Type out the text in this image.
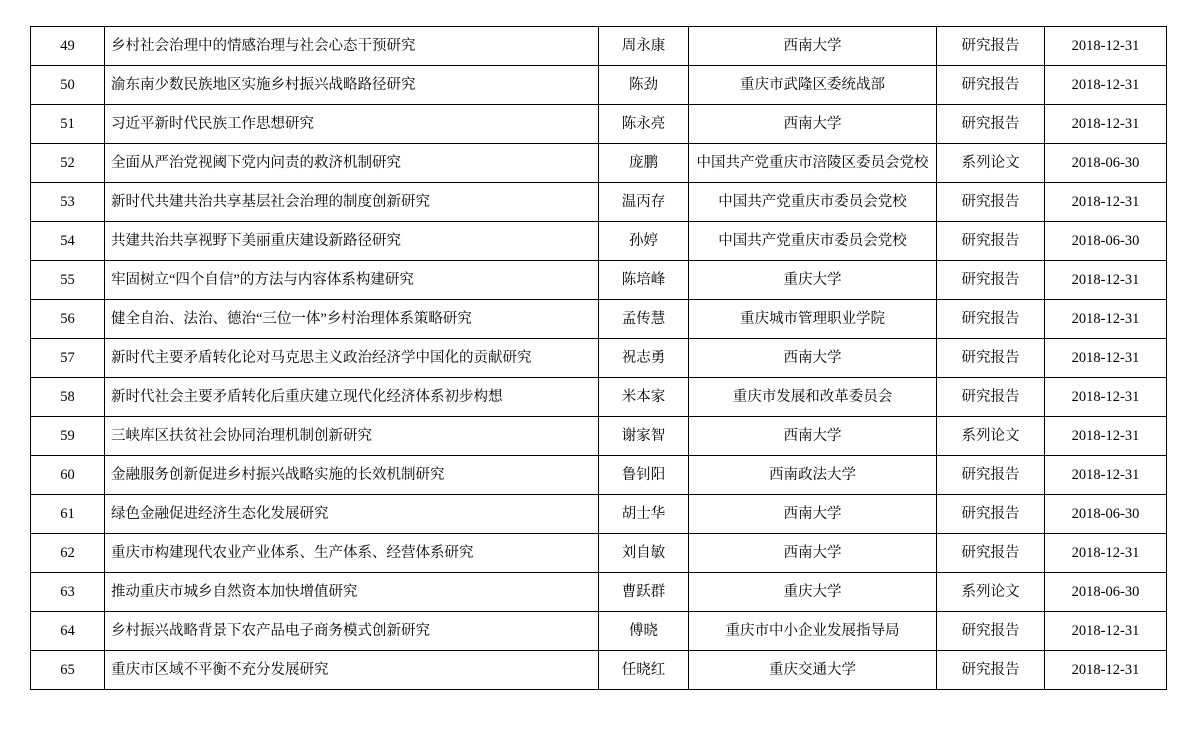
49	乡村社会治理中的情感治理与社会心态干预研究	周永康	西南大学	研究报告	2018-12-31
50	渝东南少数民族地区实施乡村振兴战略路径研究	陈劲	重庆市武隆区委统战部	研究报告	2018-12-31
51	习近平新时代民族工作思想研究	陈永亮	西南大学	研究报告	2018-12-31
52	全面从严治党视阈下党内问责的救济机制研究	庞鹏	中国共产党重庆市涪陵区委员会党校	系列论文	2018-06-30
53	新时代共建共治共享基层社会治理的制度创新研究	温丙存	中国共产党重庆市委员会党校	研究报告	2018-12-31
54	共建共治共享视野下美丽重庆建设新路径研究	孙婷	中国共产党重庆市委员会党校	研究报告	2018-06-30
55	牢固树立“四个自信”的方法与内容体系构建研究	陈培峰	重庆大学	研究报告	2018-12-31
56	健全自治、法治、德治“三位一体”乡村治理体系策略研究	孟传慧	重庆城市管理职业学院	研究报告	2018-12-31
57	新时代主要矛盾转化论对马克思主义政治经济学中国化的贡献研究	祝志勇	西南大学	研究报告	2018-12-31
58	新时代社会主要矛盾转化后重庆建立现代化经济体系初步构想	米本家	重庆市发展和改革委员会	研究报告	2018-12-31
59	三峡库区扶贫社会协同治理机制创新研究	谢家智	西南大学	系列论文	2018-12-31
60	金融服务创新促进乡村振兴战略实施的长效机制研究	鲁钊阳	西南政法大学	研究报告	2018-12-31
61	绿色金融促进经济生态化发展研究	胡士华	西南大学	研究报告	2018-06-30
62	重庆市构建现代农业产业体系、生产体系、经营体系研究	刘自敏	西南大学	研究报告	2018-12-31
63	推动重庆市城乡自然资本加快增值研究	曹跃群	重庆大学	系列论文	2018-06-30
64	乡村振兴战略背景下农产品电子商务模式创新研究	傅晓	重庆市中小企业发展指导局	研究报告	2018-12-31
65	重庆市区域不平衡不充分发展研究	任晓红	重庆交通大学	研究报告	2018-12-31
